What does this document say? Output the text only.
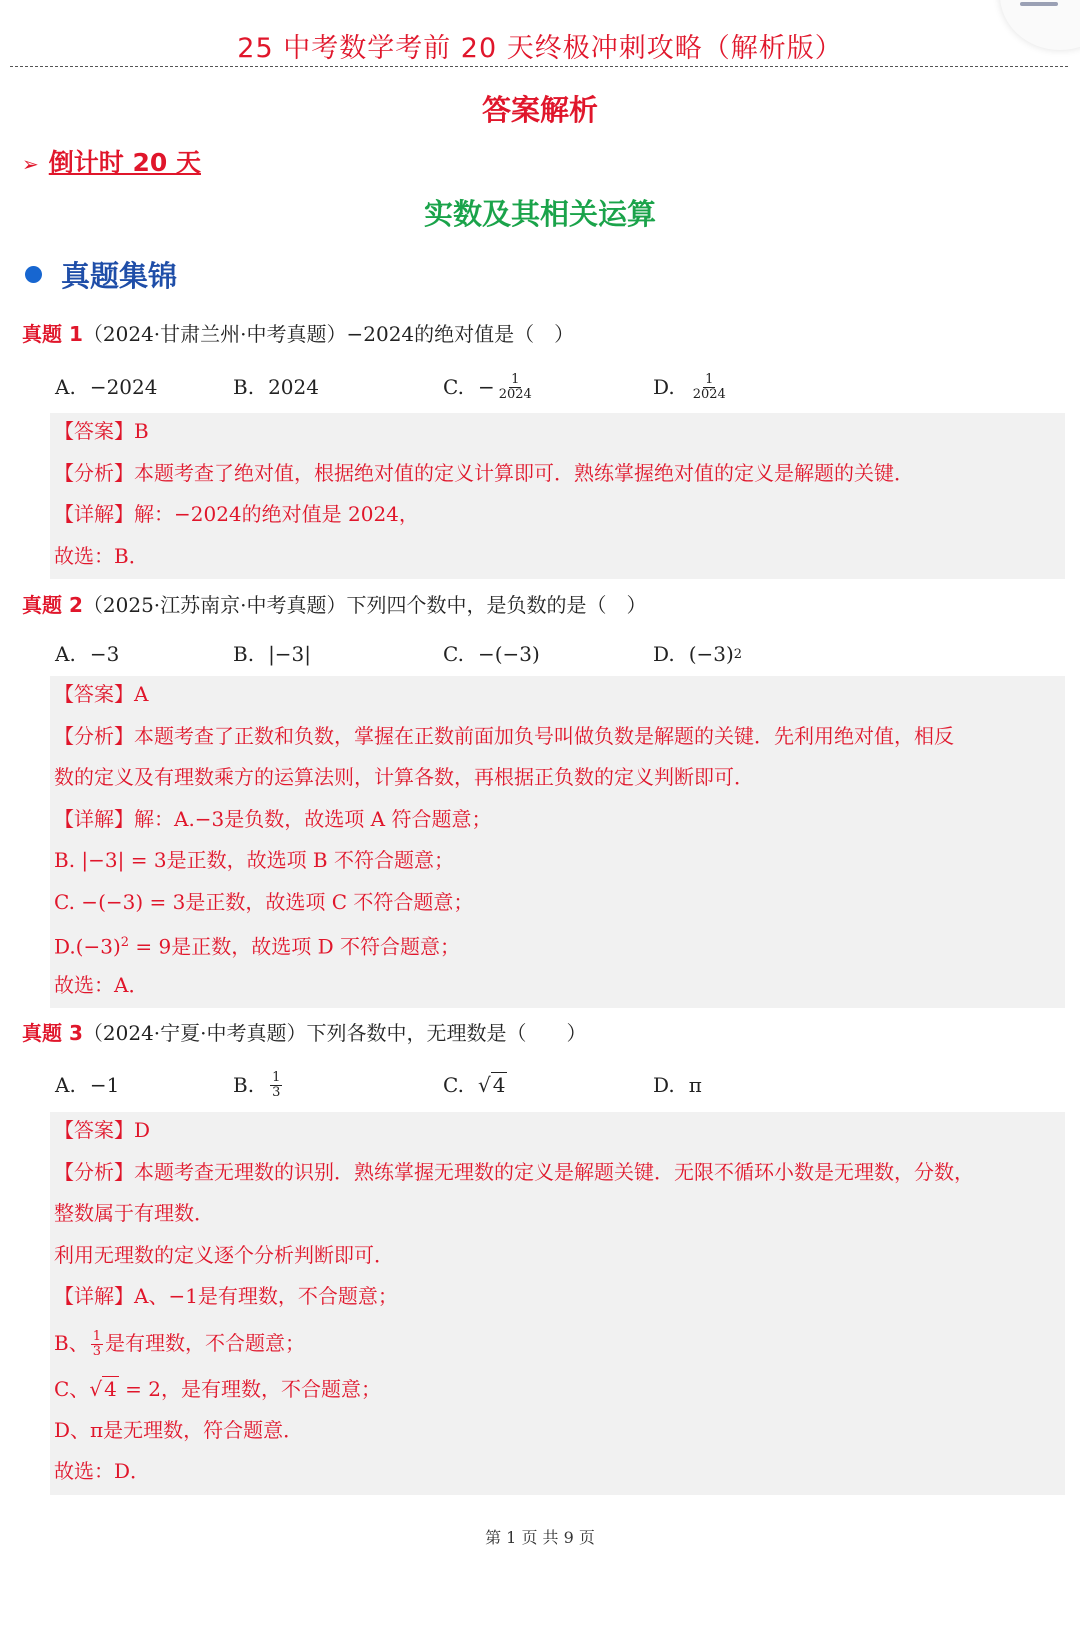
25 中考数学考前 20 天终极冲刺攻略（解析版）
答案解析
➢ 倒计时 20 天
实数及其相关运算
真题集锦
真题 1（2024·甘肃兰州·中考真题）−2024的绝对值是（　）
A. −2024	B. 2024	C. − $\frac{1}{2024}$	D. $\frac{1}{2024}$
【答案】B
【分析】本题考查了绝对值，根据绝对值的定义计算即可．熟练掌握绝对值的定义是解题的关键．
【详解】解：−2024的绝对值是 2024，
故选：B．
真题 2（2025·江苏南京·中考真题）下列四个数中，是负数的是（　）
A. −3	B. |−3|	C. −(−3)	D. (−3) 2
【答案】A
【分析】本题考查了正数和负数，掌握在正数前面加负号叫做负数是解题的关键．先利用绝对值，相反
数的定义及有理数乘方的运算法则，计算各数，再根据正负数的定义判断即可．
【详解】解：A.−3是负数，故选项 A 符合题意；
B. |−3| = 3是正数，故选项 B 不符合题意；
C. −(−3) = 3是正数，故选项 C 不符合题意；
$D.(-3)^2 = 9$是正数，故选项 D 不符合题意；
故选：A．
真题 3（2024·宁夏·中考真题）下列各数中，无理数是（　　）
A. −1	B. $\frac{1}{3}$	C. √ 4	D. π
【答案】D
【分析】本题考查无理数的识别．熟练掌握无理数的定义是解题关键．无限不循环小数是无理数，分数，
整数属于有理数．
利用无理数的定义逐个分析判断即可．
【详解】A、−1是有理数，不合题意；
B、 $\frac{1}{3}$ 是有理数，不合题意；
C、√ 4 = 2，是有理数，不合题意；
D、π是无理数，符合题意．
故选：D．
第 1 页 共 9 页
